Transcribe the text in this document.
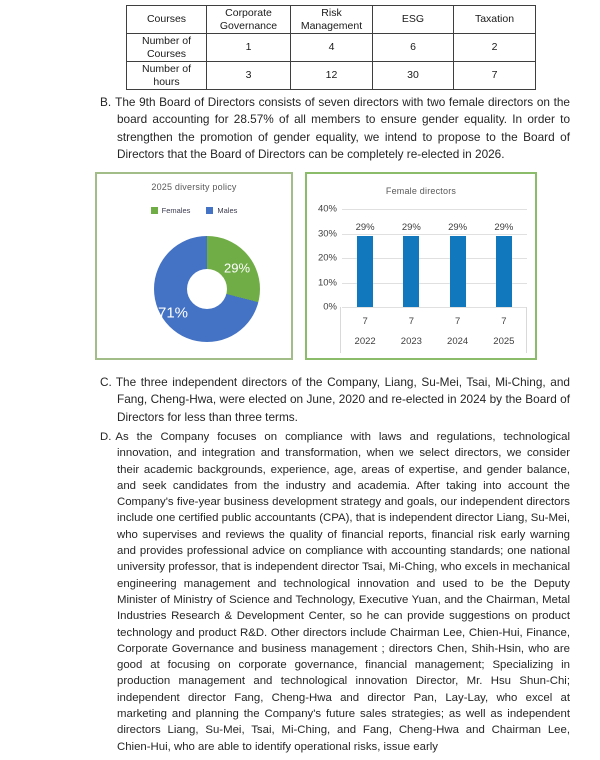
Courses	Corporate Governance	Risk Management	ESG	Taxation
Number of Courses	1	4	6	2
Number of hours	3	12	30	7
B. The 9th Board of Directors consists of seven directors with two female directors on the board accounting for 28.57% of all members to ensure gender equality. In order to strengthen the promotion of gender equality, we intend to propose to the Board of Directors that the Board of Directors can be completely re-elected in 2026.
2025 diversity policy
Females	Males
29%
71%
Female directors
0%
10%
20%
30%
40%
29%	29%	29%	29%
7	7	7	7
2022	2023	2024	2025
C. The three independent directors of the Company, Liang, Su-Mei, Tsai, Mi-Ching, and Fang, Cheng-Hwa, were elected on June, 2020 and re-elected in 2024 by the Board of Directors for less than three terms.
D. As the Company focuses on compliance with laws and regulations, technological innovation, and integration and transformation, when we select directors, we consider their academic backgrounds, experience, age, areas of expertise, and gender balance, and seek candidates from the industry and academia. After taking into account the Company's five-year business development strategy and goals, our independent directors include one certified public accountants (CPA), that is independent director Liang, Su-Mei, who supervises and reviews the quality of financial reports, financial risk early warning and provides professional advice on compliance with accounting standards; one national university professor, that is independent director Tsai, Mi-Ching, who excels in mechanical engineering management and technological innovation and used to be the Deputy Minister of Ministry of Science and Technology, Executive Yuan, and the Chairman, Metal Industries Research & Development Center, so he can provide suggestions on product technology and product R&D. Other directors include Chairman Lee, Chien-Hui, Finance, Corporate Governance and business management ; directors Chen, Shih-Hsin, who are good at focusing on corporate governance, financial management; Specializing in production management and technological innovation Director, Mr. Hsu Shun-Chi; independent director Fang, Cheng-Hwa and director Pan, Lay-Lay, who excel at marketing and planning the Company's future sales strategies; as well as independent directors Liang, Su-Mei, Tsai, Mi-Ching, and Fang, Cheng-Hwa and Chairman Lee, Chien-Hui, who are able to identify operational risks, issue early
